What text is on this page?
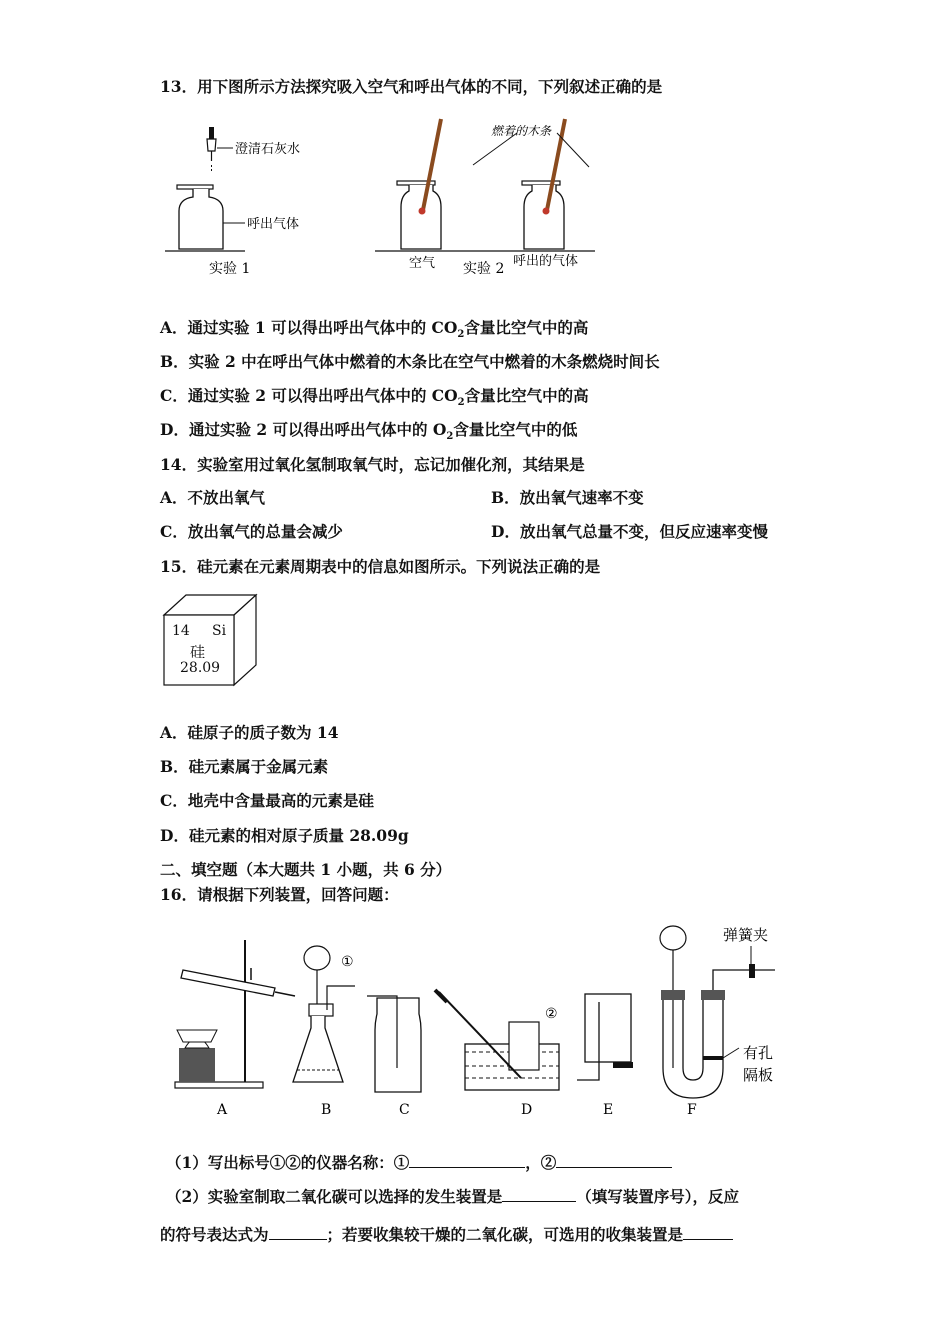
13．用下图所示方法探究吸入空气和呼出气体的不同，下列叙述正确的是
澄清石灰水
呼出气体
实验 1
燃着的木条
空气 实验 2 呼出的气体
A．通过实验 1 可以得出呼出气体中的 $CO_2$含量比空气中的高
B．实验 2 中在呼出气体中燃着的木条比在空气中燃着的木条燃烧时间长
C．通过实验 2 可以得出呼出气体中的 $CO_2$含量比空气中的高
D．通过实验 2 可以得出呼出气体中的 $O_2$含量比空气中的低
14．实验室用过氧化氢制取氧气时，忘记加催化剂，其结果是
A．不放出氧气	B．放出氧气速率不变
C．放出氧气的总量会减少	D．放出氧气总量不变，但反应速率变慢
15．硅元素在元素周期表中的信息如图所示。下列说法正确的是
14 Si
硅
28.09
A．硅原子的质子数为 14
B．硅元素属于金属元素
C．地壳中含量最高的元素是硅
D．硅元素的相对原子质量 28.09g
二、填空题（本大题共 1 小题，共 6 分）
16．请根据下列装置，回答问题：
①
②
弹簧夹
有孔
隔板
A	B	C	D	E	F
（1）写出标号①②的仪器名称：①	，②
（2）实验室制取二氧化碳可以选择的发生装置是	（填写装置序号），反应
的符号表达式为	；若要收集较干燥的二氧化碳，可选用的收集装置是
